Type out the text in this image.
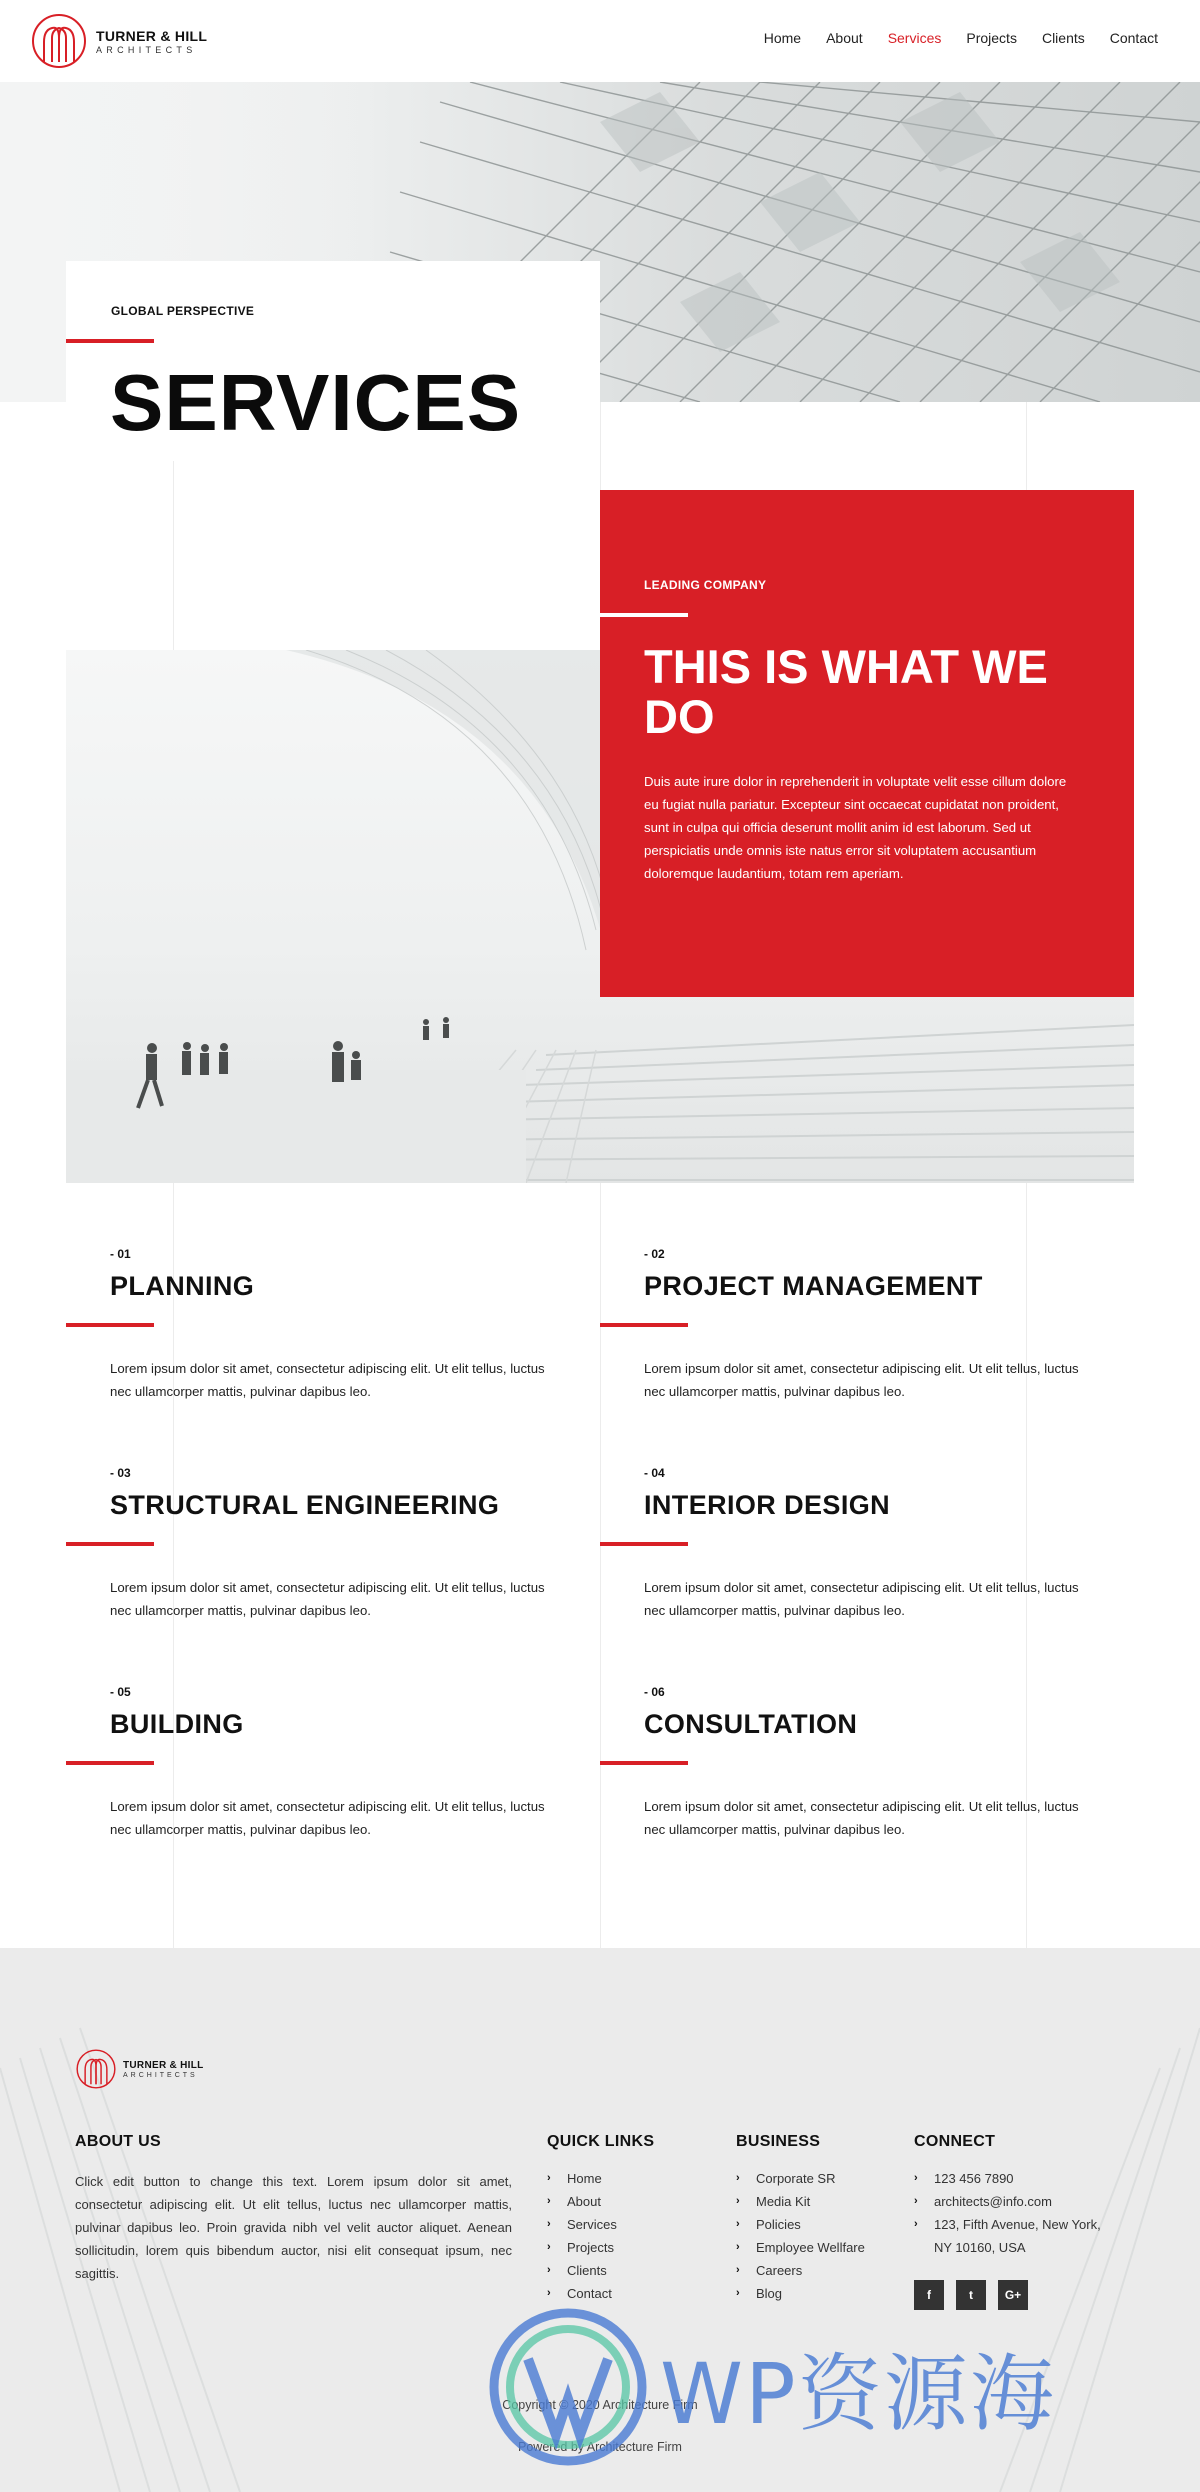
TURNER & HILL
ARCHITECTS
Home About Services Projects Clients Contact
GLOBAL PERSPECTIVE
SERVICES
LEADING COMPANY
THIS IS WHAT WE DO

Duis aute irure dolor in reprehenderit in voluptate velit esse cillum dolore eu fugiat nulla pariatur. Excepteur sint occaecat cupidatat non proident, sunt in culpa qui officia deserunt mollit anim id est laborum. Sed ut perspiciatis unde omnis iste natus error sit voluptatem accusantium doloremque laudantium, totam rem aperiam.

- 01
PLANNING

Lorem ipsum dolor sit amet, consectetur adipiscing elit. Ut elit tellus, luctus nec ullamcorper mattis, pulvinar dapibus leo.

- 02
PROJECT MANAGEMENT

Lorem ipsum dolor sit amet, consectetur adipiscing elit. Ut elit tellus, luctus nec ullamcorper mattis, pulvinar dapibus leo.

- 03
STRUCTURAL ENGINEERING

Lorem ipsum dolor sit amet, consectetur adipiscing elit. Ut elit tellus, luctus nec ullamcorper mattis, pulvinar dapibus leo.

- 04
INTERIOR DESIGN

Lorem ipsum dolor sit amet, consectetur adipiscing elit. Ut elit tellus, luctus nec ullamcorper mattis, pulvinar dapibus leo.

- 05
BUILDING

Lorem ipsum dolor sit amet, consectetur adipiscing elit. Ut elit tellus, luctus nec ullamcorper mattis, pulvinar dapibus leo.

- 06
CONSULTATION

Lorem ipsum dolor sit amet, consectetur adipiscing elit. Ut elit tellus, luctus nec ullamcorper mattis, pulvinar dapibus leo.

TURNER & HILL
ARCHITECTS
ABOUT US

Click edit button to change this text. Lorem ipsum dolor sit amet, consectetur adipiscing elit. Ut elit tellus, luctus nec ullamcorper mattis, pulvinar dapibus leo. Proin gravida nibh vel velit auctor aliquet. Aenean sollicitudin, lorem quis bibendum auctor, nisi elit consequat ipsum, nec sagittis.

QUICK LINKS
›	Home
›	About
›	Services
›	Projects
›	Clients
›	Contact
BUSINESS
›	Corporate SR
›	Media Kit
›	Policies
›	Employee Wellfare
›	Careers
›	Blog
CONNECT
›	123 456 7890
›	architects@info.com
›	123, Fifth Avenue, New York,
NY 10160, USA
Copyright © 2020 Architecture Firm
Powered by Architecture Firm
f	t	G+
WP资源海
